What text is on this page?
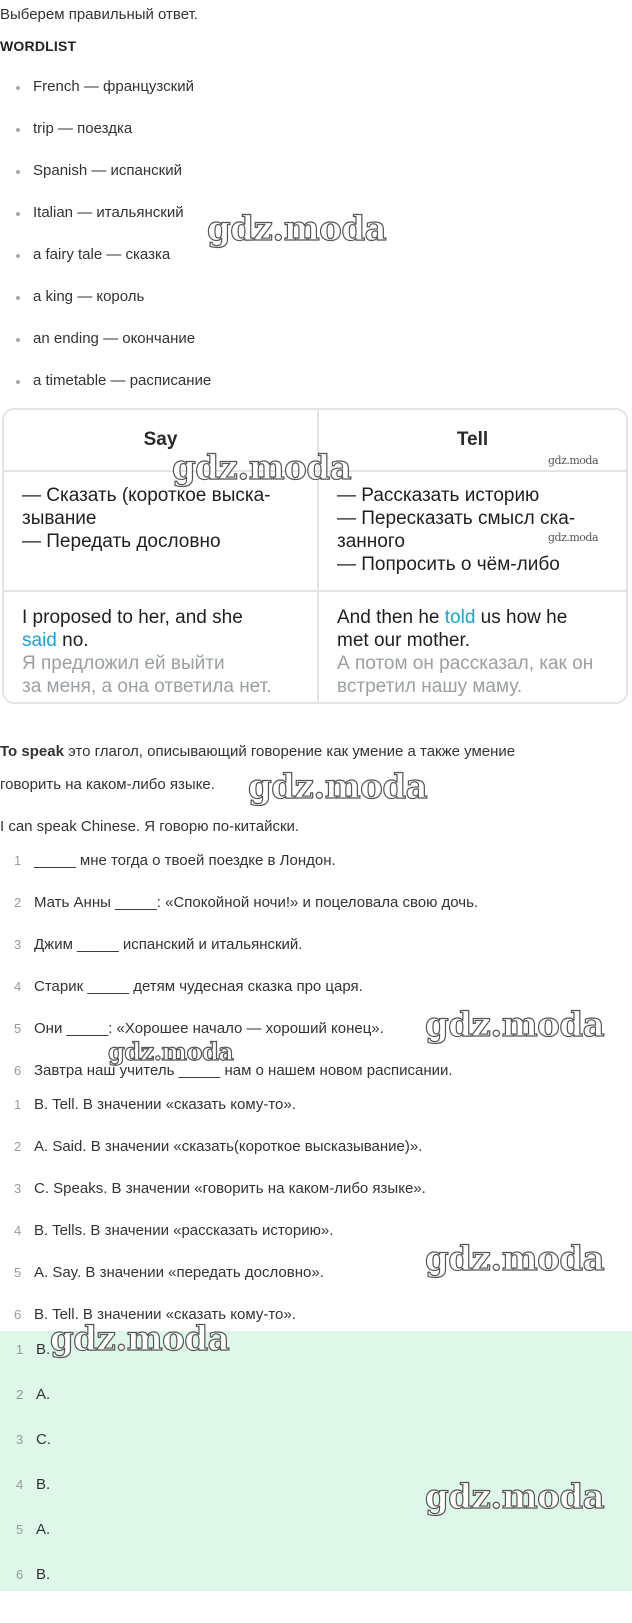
Выберем правильный ответ.
WORDLIST
French — французский
trip — поездка
Spanish — испанский
Italian — итальянский
a fairy tale — сказка
a king — король
an ending — окончание
a timetable — расписание
Say
— Сказать (короткое выска-
зывание
— Передать дословно
I proposed to her, and she
said no.
Я предложил ей выйти
за меня, а она ответила нет.
Tell
— Рассказать историю
— Пересказать смысл ска-
занного
— Попросить о чём-либо
And then he told us how he
met our mother.
А потом он рассказал, как он
встретил нашу маму.
To speak это глагол, описывающий говорение как умение а также умение
говорить на каком-либо языке.
I can speak Chinese. Я говорю по-китайски.
1 _____ мне тогда о твоей поездке в Лондон.
2 Мать Анны _____: «Спокойной ночи!» и поцеловала свою дочь.
3 Джим _____ испанский и итальянский.
4 Старик _____ детям чудесная сказка про царя.
5 Они _____: «Хорошее начало — хороший конец».
6 Завтра наш учитель _____ нам о нашем новом расписании.
1 B. Tell. В значении «сказать кому-то».
2 A. Said. В значении «сказать(короткое высказывание)».
3 C. Speaks. В значении «говорить на каком-либо языке».
4 B. Tells. В значении «рассказать историю».
5 A. Say. В значении «передать дословно».
6 B. Tell. В значении «сказать кому-то».
1 B.
2 A.
3 C.
4 B.
5 A.
6 B.
gdz.moda
gdz.moda	gdz.moda
gdz.moda
gdz.moda
gdz.moda
gdz.moda
gdz.moda
gdz.moda
gdz.moda
